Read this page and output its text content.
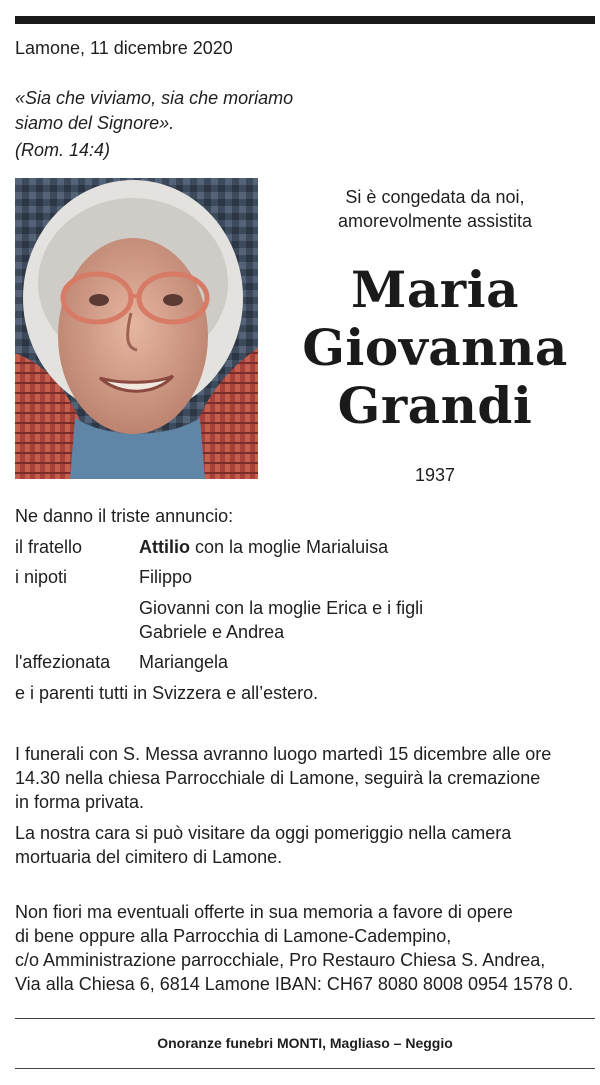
Lamone, 11 dicembre 2020
«Sia che viviamo, sia che moriamo
siamo del Signore».
(Rom. 14:4)
Si è congedata da noi,
amorevolmente assistita
Maria
Giovanna
Grandi
1937
Ne danno il triste annuncio:
il fratello	Attilio con la moglie Marialuisa
i nipoti	Filippo
Giovanni con la moglie Erica e i figli
Gabriele e Andrea
l'affezionata	Mariangela
e i parenti tutti in Svizzera e all’estero.
I funerali con S. Messa avranno luogo martedì 15 dicembre alle ore
14.30 nella chiesa Parrocchiale di Lamone, seguirà la cremazione
in forma privata.
La nostra cara si può visitare da oggi pomeriggio nella camera
mortuaria del cimitero di Lamone.
Non fiori ma eventuali offerte in sua memoria a favore di opere
di bene oppure alla Parrocchia di Lamone-Cadempino,
c/o Amministrazione parrocchiale, Pro Restauro Chiesa S. Andrea,
Via alla Chiesa 6, 6814 Lamone IBAN: CH67 8080 8008 0954 1578 0.
Onoranze funebri MONTI, Magliaso – Neggio
